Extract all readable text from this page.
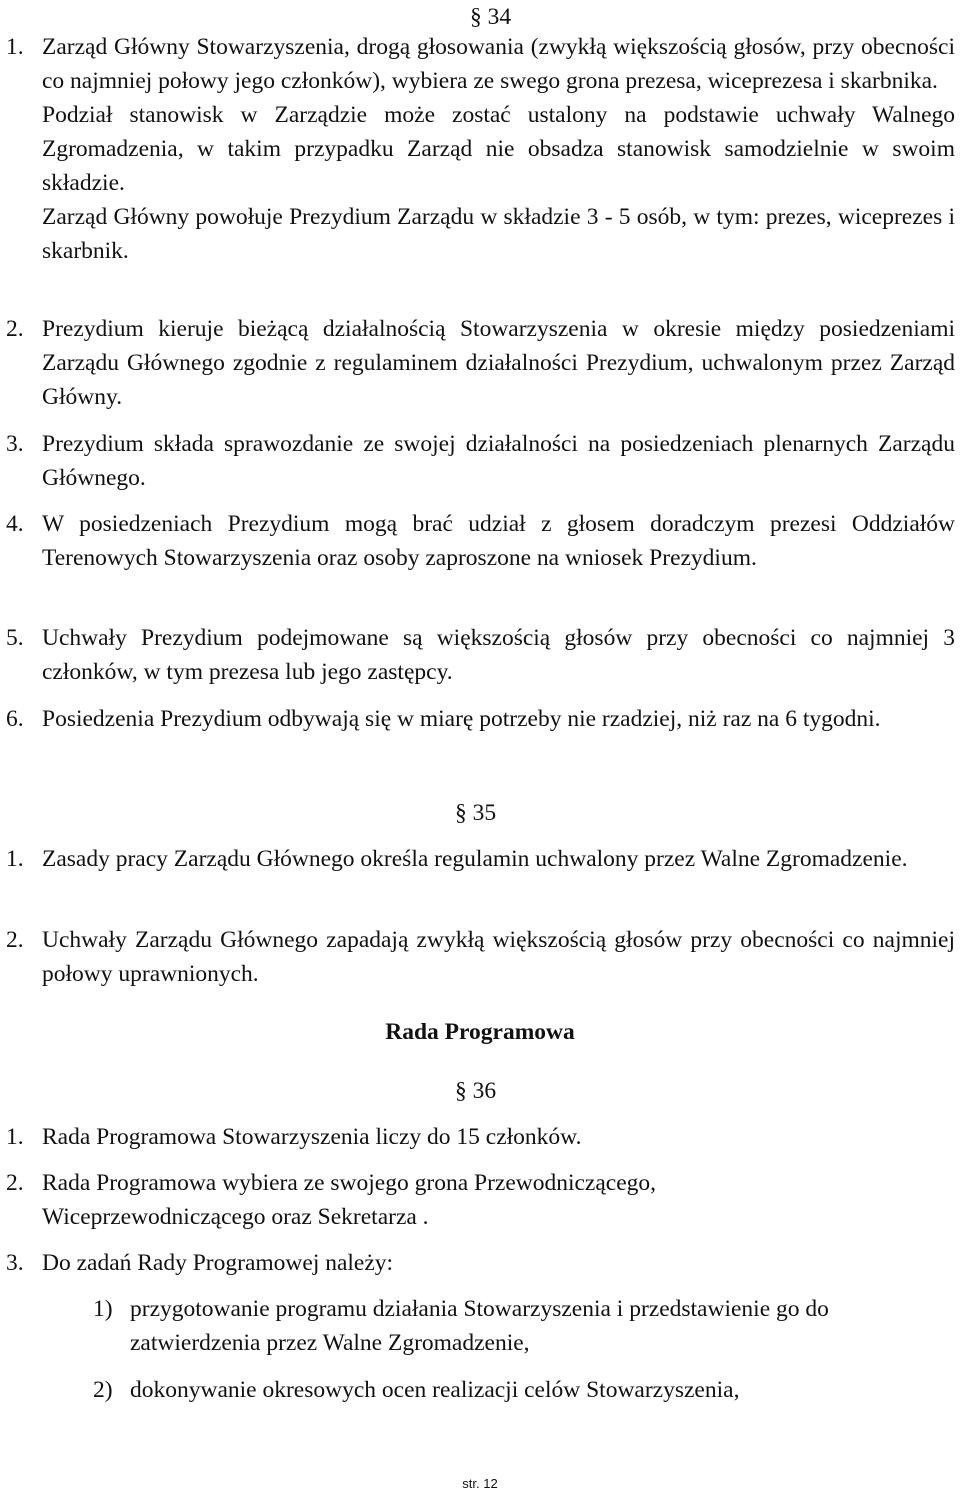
§ 34
1. Zarząd Główny Stowarzyszenia, drogą głosowania (zwykłą większością głosów, przy obecności co najmniej połowy jego członków), wybiera ze swego grona prezesa, wiceprezesa i skarbnika.
Podział stanowisk w Zarządzie może zostać ustalony na podstawie uchwały Walnego Zgromadzenia, w takim przypadku Zarząd nie obsadza stanowisk samodzielnie w swoim składzie.
Zarząd Główny powołuje Prezydium Zarządu w składzie 3 - 5 osób, w tym: prezes, wiceprezes i skarbnik.
2. Prezydium kieruje bieżącą działalnością Stowarzyszenia w okresie między posiedzeniami Zarządu Głównego zgodnie z regulaminem działalności Prezydium, uchwalonym przez Zarząd Główny.
3. Prezydium składa sprawozdanie ze swojej działalności na posiedzeniach plenarnych Zarządu Głównego.
4. W posiedzeniach Prezydium mogą brać udział z głosem doradczym prezesi Oddziałów Terenowych Stowarzyszenia oraz osoby zaproszone na wniosek Prezydium.
5. Uchwały Prezydium podejmowane są większością głosów przy obecności co najmniej 3 członków, w tym prezesa lub jego zastępcy.
6. Posiedzenia Prezydium odbywają się w miarę potrzeby nie rzadziej, niż raz na 6 tygodni.
§ 35
1. Zasady pracy Zarządu Głównego określa regulamin uchwalony przez Walne Zgromadzenie.
2. Uchwały Zarządu Głównego zapadają zwykłą większością głosów przy obecności co najmniej połowy uprawnionych.
Rada Programowa
§ 36
1. Rada Programowa Stowarzyszenia liczy do 15 członków.
2. Rada Programowa wybiera ze swojego grona Przewodniczącego,
Wiceprzewodniczącego oraz Sekretarza .
3. Do zadań Rady Programowej należy:
1) przygotowanie programu działania Stowarzyszenia i przedstawienie go do zatwierdzenia przez Walne Zgromadzenie,
2) dokonywanie okresowych ocen realizacji celów Stowarzyszenia,
str. 12
